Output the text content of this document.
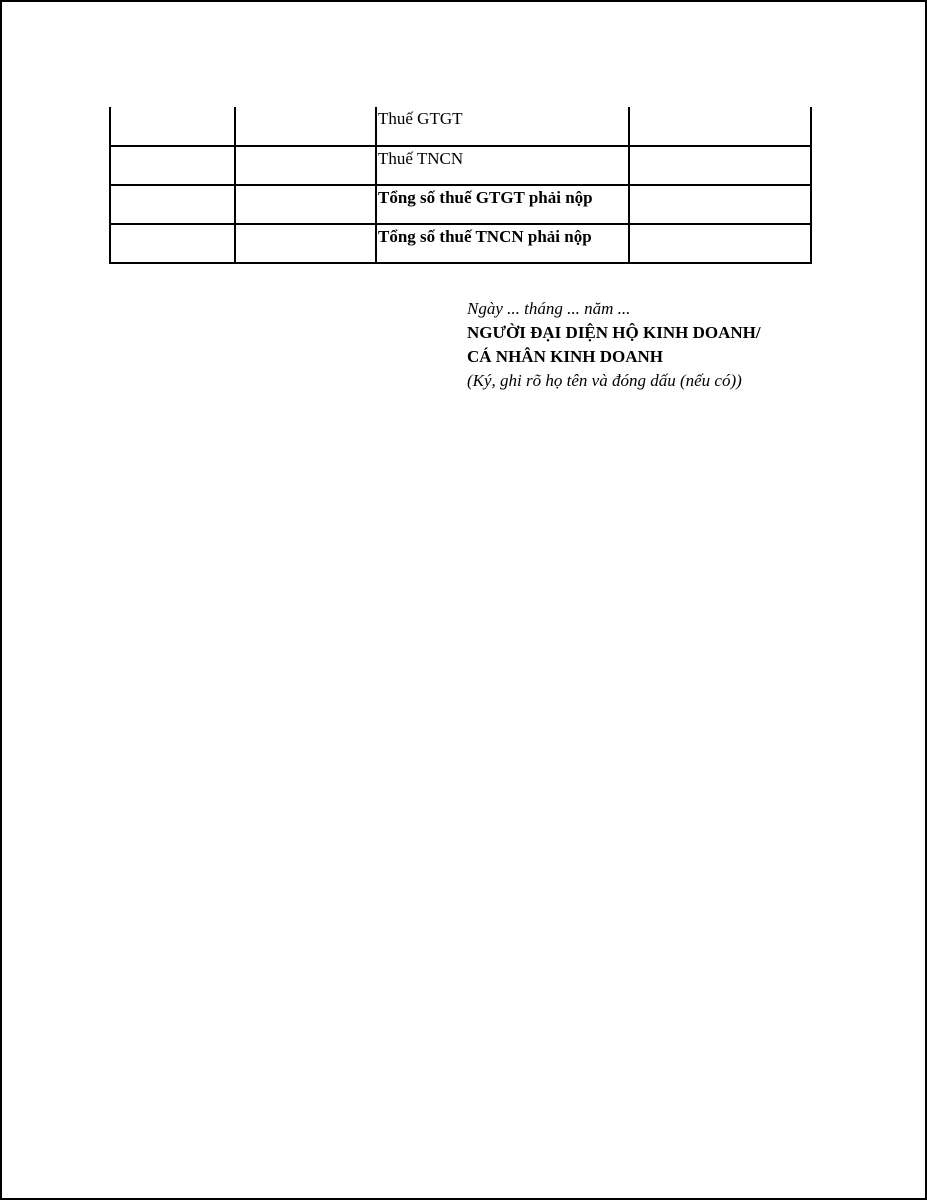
		Thuế GTGT	
		Thuế TNCN	
		Tổng số thuế GTGT phải nộp	
		Tổng số thuế TNCN phải nộp	
Ngày ... tháng ... năm ...
NGƯỜI ĐẠI DIỆN HỘ KINH DOANH/
CÁ NHÂN KINH DOANH
(Ký, ghi rõ họ tên và đóng dấu (nếu có))
